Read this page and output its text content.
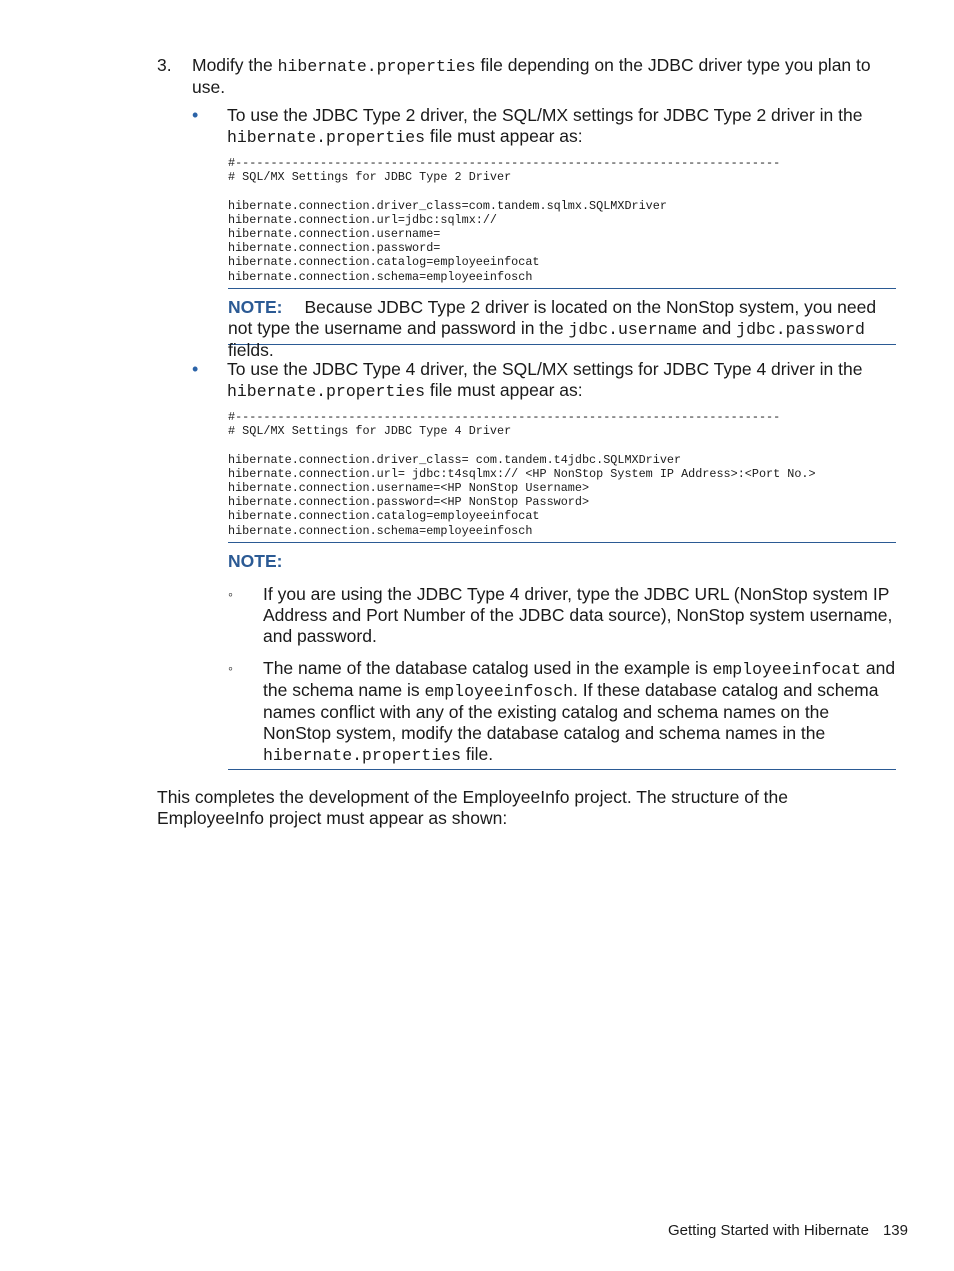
3. Modify the hibernate.properties file depending on the JDBC driver type you plan to use.
• To use the JDBC Type 2 driver, the SQL/MX settings for JDBC Type 2 driver in the hibernate.properties file must appear as:
#-----------------------------------------------------------------------------
# SQL/MX Settings for JDBC Type 2 Driver

hibernate.connection.driver_class=com.tandem.sqlmx.SQLMXDriver
hibernate.connection.url=jdbc:sqlmx://
hibernate.connection.username=
hibernate.connection.password=
hibernate.connection.catalog=employeeinfocat
hibernate.connection.schema=employeeinfosch
NOTE: Because JDBC Type 2 driver is located on the NonStop system, you need not type the username and password in the jdbc.username and jdbc.password fields.
• To use the JDBC Type 4 driver, the SQL/MX settings for JDBC Type 4 driver in the hibernate.properties file must appear as:
#-----------------------------------------------------------------------------
# SQL/MX Settings for JDBC Type 4 Driver

hibernate.connection.driver_class= com.tandem.t4jdbc.SQLMXDriver
hibernate.connection.url= jdbc:t4sqlmx:// <HP NonStop System IP Address>:<Port No.>
hibernate.connection.username=<HP NonStop Username>
hibernate.connection.password=<HP NonStop Password>
hibernate.connection.catalog=employeeinfocat
hibernate.connection.schema=employeeinfosch
NOTE:
◦ If you are using the JDBC Type 4 driver, type the JDBC URL (NonStop system IP Address and Port Number of the JDBC data source), NonStop system username, and password.
◦ The name of the database catalog used in the example is employeeinfocat and the schema name is employeeinfosch. If these database catalog and schema names conflict with any of the existing catalog and schema names on the NonStop system, modify the database catalog and schema names in the hibernate.properties file.
This completes the development of the EmployeeInfo project. The structure of the EmployeeInfo project must appear as shown:
Getting Started with Hibernate 139
